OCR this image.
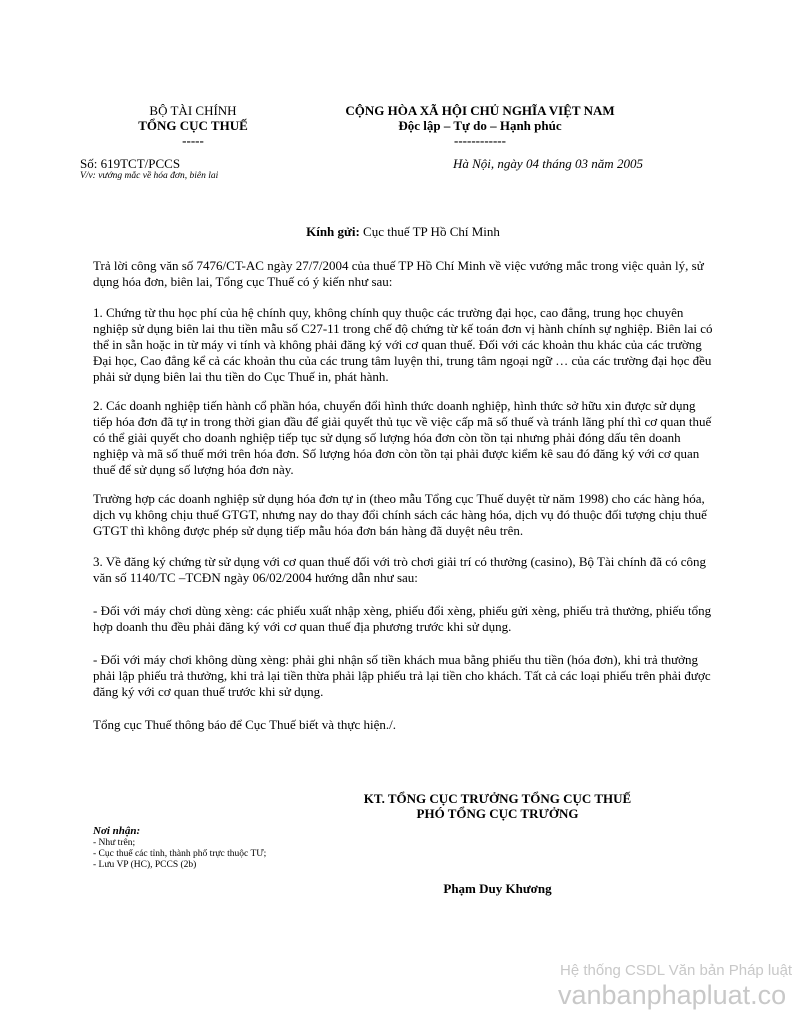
BỘ TÀI CHÍNH
TỔNG CỤC THUẾ
-----
CỘNG HÒA XÃ HỘI CHỦ NGHĨA VIỆT NAM
Độc lập – Tự do – Hạnh phúc
------------
Số: 619TCT/PCCS
V/v: vướng mắc về hóa đơn, biên lai
Hà Nội, ngày 04 tháng 03 năm 2005
Kính gửi: Cục thuế TP Hồ Chí Minh
Trả lời công văn số 7476/CT-AC ngày 27/7/2004 của thuế TP Hồ Chí Minh về việc vướng mắc trong việc quản lý, sử dụng hóa đơn, biên lai, Tổng cục Thuế có ý kiến như sau:
1. Chứng từ thu học phí của hệ chính quy, không chính quy thuộc các trường đại học, cao đẳng, trung học chuyên nghiệp sử dụng biên lai thu tiền mẫu số C27-11 trong chế độ chứng từ kế toán đơn vị hành chính sự nghiệp. Biên lai có thể in sẵn hoặc in từ máy vi tính và không phải đăng ký với cơ quan thuế. Đối với các khoản thu khác của các trường Đại học, Cao đẳng kể cả các khoản thu của các trung tâm luyện thi, trung tâm ngoại ngữ … của các trường đại học đều phải sử dụng biên lai thu tiền do Cục Thuế in, phát hành.
2. Các doanh nghiệp tiến hành cổ phần hóa, chuyển đổi hình thức doanh nghiệp, hình thức sở hữu xin được sử dụng tiếp hóa đơn đã tự in trong thời gian đầu để giải quyết thủ tục về việc cấp mã số thuế và tránh lãng phí thì cơ quan thuế có thể giải quyết cho doanh nghiệp tiếp tục sử dụng số lượng hóa đơn còn tồn tại nhưng phải đóng dấu tên doanh nghiệp và mã số thuế mới trên hóa đơn. Số lượng hóa đơn còn tồn tại phải được kiểm kê sau đó đăng ký với cơ quan thuế để sử dụng số lượng hóa đơn này.
Trường hợp các doanh nghiệp sử dụng hóa đơn tự in (theo mẫu Tổng cục Thuế duyệt từ năm 1998) cho các hàng hóa, dịch vụ không chịu thuế GTGT, nhưng nay do thay đổi chính sách các hàng hóa, dịch vụ đó thuộc đối tượng chịu thuế GTGT thì không được phép sử dụng tiếp mẫu hóa đơn bán hàng đã duyệt nêu trên.
3. Về đăng ký chứng từ sử dụng với cơ quan thuế đối với trò chơi giải trí có thưởng (casino), Bộ Tài chính đã có công văn số 1140/TC –TCĐN ngày 06/02/2004 hướng dẫn như sau:
- Đối với máy chơi dùng xèng: các phiếu xuất nhập xèng, phiếu đổi xèng, phiếu gửi xèng, phiếu trả thưởng, phiếu tổng hợp doanh thu đều phải đăng ký với cơ quan thuế địa phương trước khi sử dụng.
- Đối với máy chơi không dùng xèng: phải ghi nhận số tiền khách mua bằng phiếu thu tiền (hóa đơn), khi trả thưởng phải lập phiếu trả thưởng, khi trả lại tiền thừa phải lập phiếu trả lại tiền cho khách. Tất cả các loại phiếu trên phải được đăng ký với cơ quan thuế trước khi sử dụng.
Tổng cục Thuế thông báo để Cục Thuế biết và thực hiện./.
KT. TỔNG CỤC TRƯỞNG TỔNG CỤC THUẾ
PHÓ TỔNG CỤC TRƯỞNG
Phạm Duy Khương
Nơi nhận:
- Như trên;
- Cục thuế các tỉnh, thành phố trực thuộc TƯ;
- Lưu VP (HC), PCCS (2b)
Hệ thống CSDL Văn bản Pháp luật
vanbanphapluat.co
